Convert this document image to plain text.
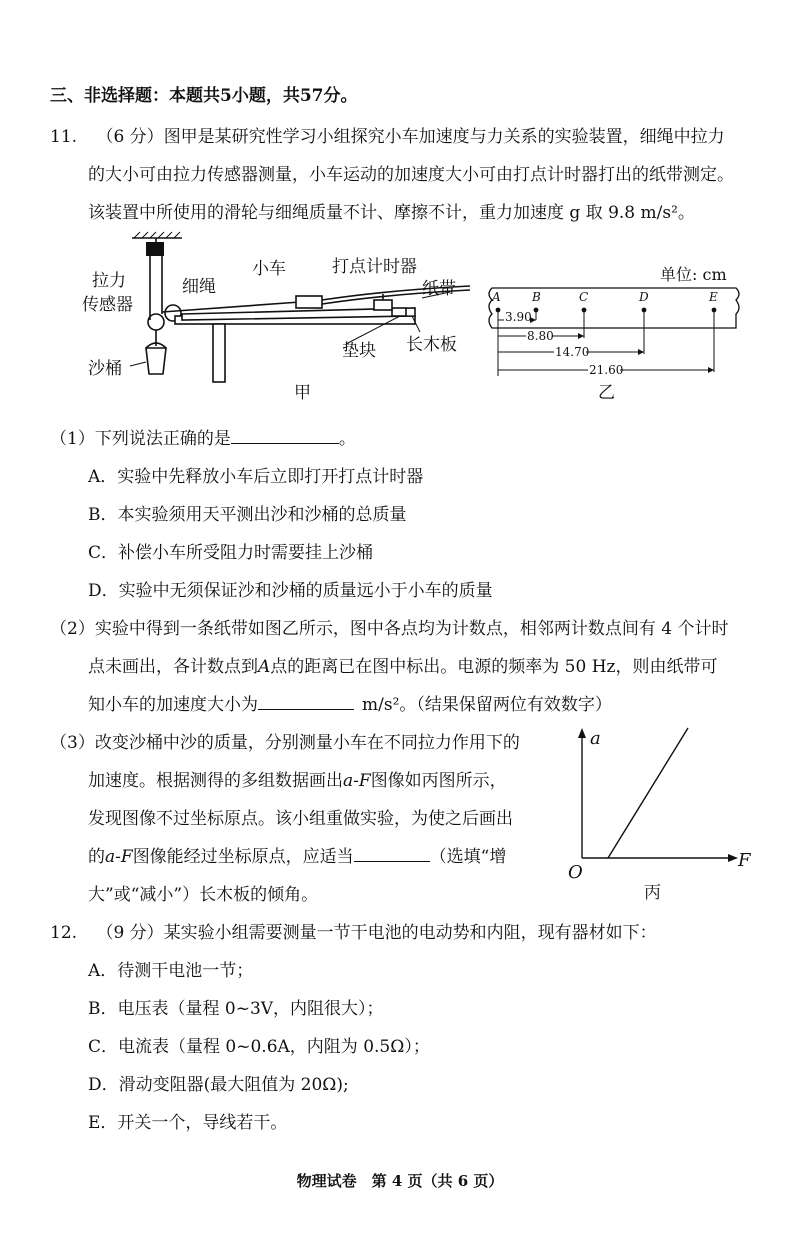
三、非选择题：本题共5小题，共57分。
11. （6 分）图甲是某研究性学习小组探究小车加速度与力关系的实验装置，细绳中拉力
的大小可由拉力传感器测量，小车运动的加速度大小可由打点计时器打出的纸带测定。
该装置中所使用的滑轮与细绳质量不计、摩擦不计，重力加速度 g 取 9.8 m/s²。
拉力
传感器
细绳
小车	打点计时器
纸带
沙桶
垫块 长木板
甲
单位: cm
A	B	C	D	E
3.90
8.80
14.70
21.60
乙
（1）下列说法正确的是	。
A．实验中先释放小车后立即打开打点计时器
B．本实验须用天平测出沙和沙桶的总质量
C．补偿小车所受阻力时需要挂上沙桶
D．实验中无须保证沙和沙桶的质量远小于小车的质量
（2）实验中得到一条纸带如图乙所示，图中各点均为计数点，相邻两计数点间有 4 个计时
点未画出，各计数点到A点的距离已在图中标出。电源的频率为 50 Hz，则由纸带可
知小车的加速度大小为	m/s²。（结果保留两位有效数字）
（3）改变沙桶中沙的质量，分别测量小车在不同拉力作用下的
加速度。根据测得的多组数据画出a-F图像如丙图所示，
发现图像不过坐标原点。该小组重做实验，为使之后画出
的a-F图像能经过坐标原点，应适当	（选填“增
大”或“减小”）长木板的倾角。
a
F
O
丙
12. （9 分）某实验小组需要测量一节干电池的电动势和内阻，现有器材如下：
A．待测干电池一节；
B．电压表（量程 0~3V，内阻很大）；
C．电流表（量程 0~0.6A，内阻为 0.5Ω）；
D．滑动变阻器(最大阻值为 20Ω);
E．开关一个，导线若干。
物理试卷　第 4 页（共 6 页）
